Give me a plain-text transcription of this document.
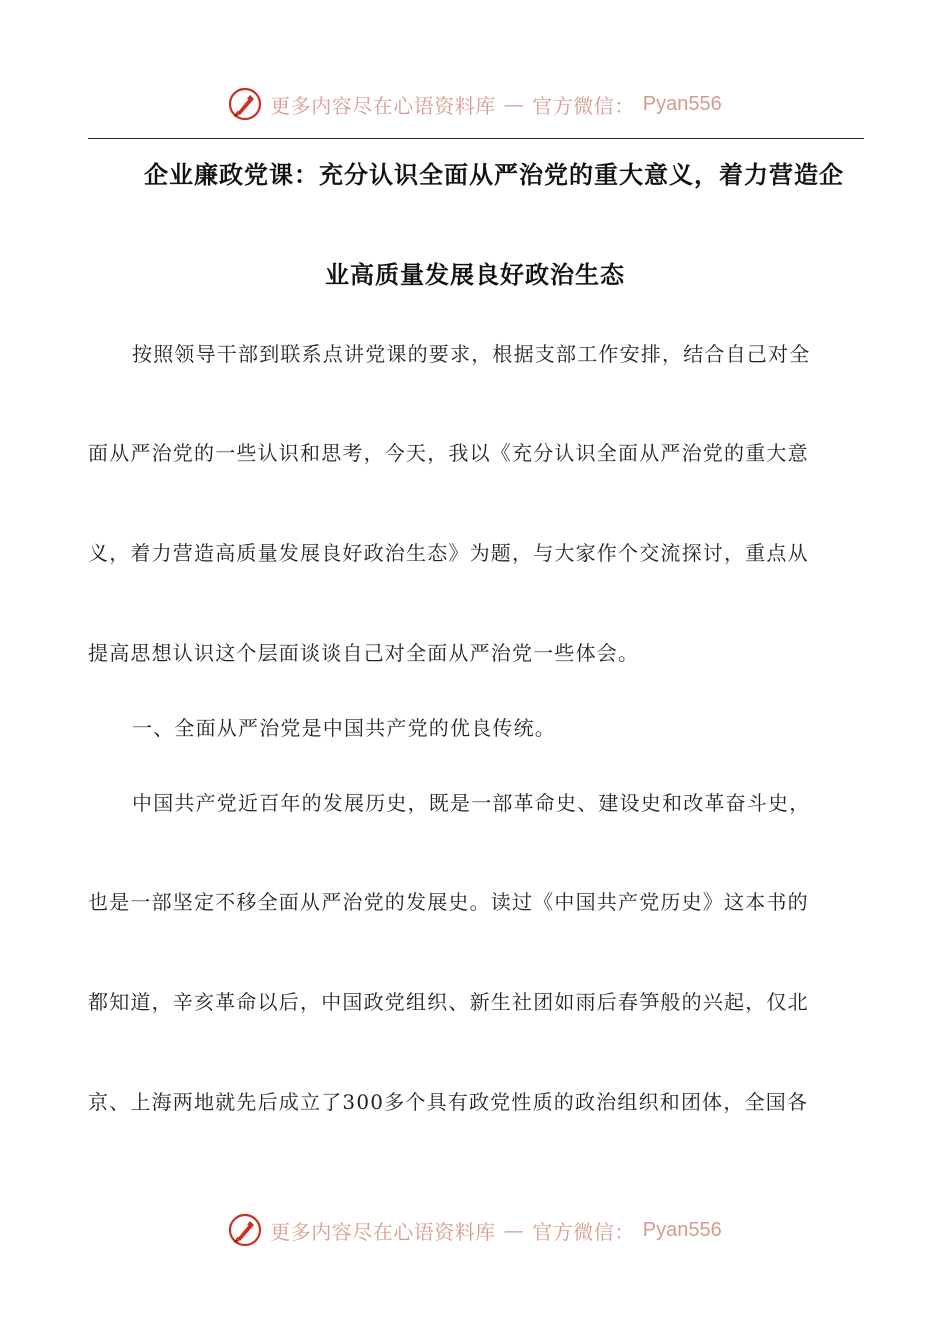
更多内容尽在心语资料库 — 官方微信： Pyan556
企业廉政党课：充分认识全面从严治党的重大意义，着力营造企
业高质量发展良好政治生态
按照领导干部到联系点讲党课的要求，根据支部工作安排，结合自己对全
面从严治党的一些认识和思考，今天，我以《充分认识全面从严治党的重大意
义，着力营造高质量发展良好政治生态》为题，与大家作个交流探讨，重点从
提高思想认识这个层面谈谈自己对全面从严治党一些体会。
一、全面从严治党是中国共产党的优良传统。
中国共产党近百年的发展历史，既是一部革命史、建设史和改革奋斗史，
也是一部坚定不移全面从严治党的发展史。读过《中国共产党历史》这本书的
都知道，辛亥革命以后，中国政党组织、新生社团如雨后春笋般的兴起，仅北
京、上海两地就先后成立了300多个具有政党性质的政治组织和团体，全国各
更多内容尽在心语资料库 — 官方微信： Pyan556
